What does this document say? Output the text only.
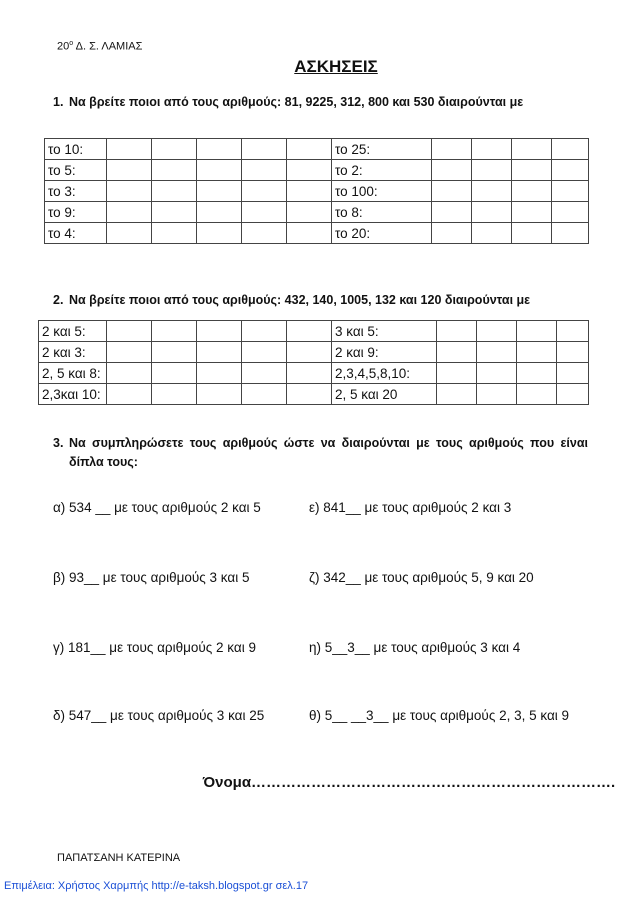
$20^o$ Δ. Σ. ΛΑΜΙΑΣ
ΑΣΚΗΣΕΙΣ
1. Να βρείτε ποιοι από τους αριθμούς: 81, 9225, 312, 800 και 530 διαιρούνται με
το 10:						το 25:				
το 5:						το 2:				
το 3:						το 100:				
το 9:						το 8:				
το 4:						το 20:				
2. Να βρείτε ποιοι από τους αριθμούς: 432, 140, 1005, 132 και 120 διαιρούνται με
2 και 5:						3 και 5:				
2 και 3:						2 και 9:				
2, 5 και 8:						2,3,4,5,8,10:				
2,3και 10:						2, 5 και 20				
3. Να συμπληρώσετε τους αριθμούς ώστε να διαιρούνται με τους αριθμούς που είναι
δίπλα τους:
α) 534 __ με τους αριθμούς 2 και 5	ε) 841__ με τους αριθμούς 2 και 3
β) 93__ με τους αριθμούς 3 και 5	ζ) 342__ με τους αριθμούς 5, 9 και 20
γ) 181__ με τους αριθμούς 2 και 9	η) 5__3__ με τους αριθμούς 3 και 4
δ) 547__ με τους αριθμούς 3 και 25	θ) 5__ __3__ με τους αριθμούς 2, 3, 5 και 9
Όνομα……………………………………………………………….
ΠΑΠΑΤΣΑΝΗ ΚΑΤΕΡΙΝΑ
Επιμέλεια: Χρήστος Χαρμπής http://e-taksh.blogspot.gr σελ.17
